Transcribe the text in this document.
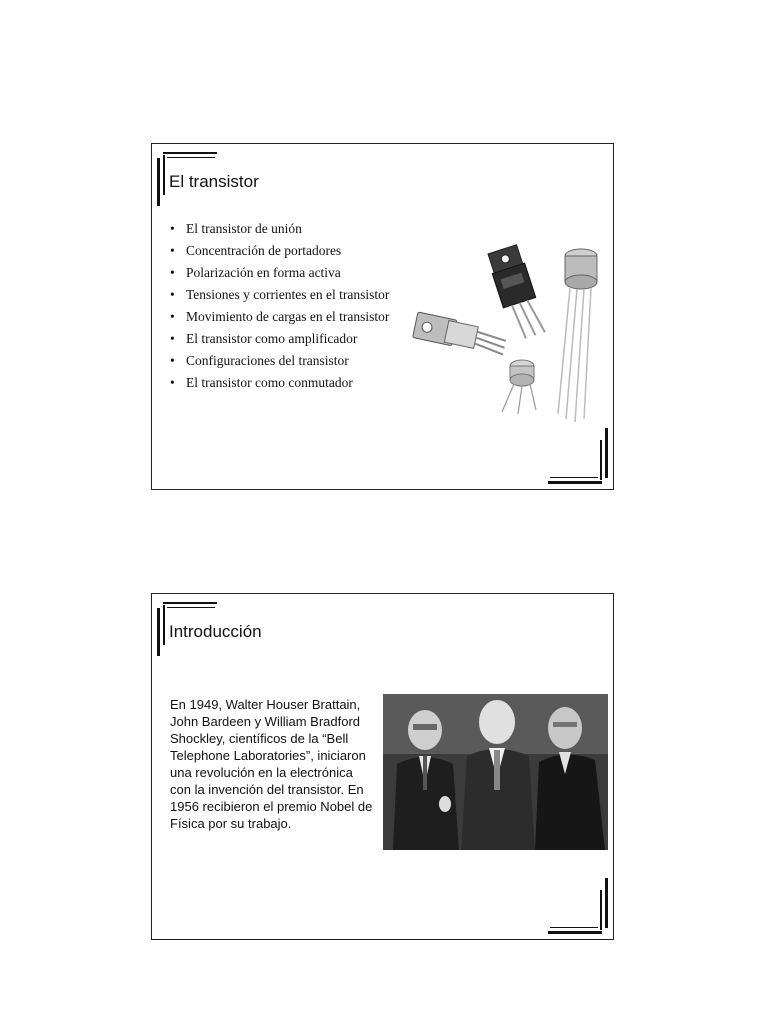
El transistor
• El transistor de unión
• Concentración de portadores
• Polarización en forma activa
• Tensiones y corrientes en el transistor
• Movimiento de cargas en el transistor
• El transistor como amplificador
• Configuraciones del transistor
• El transistor como conmutador
Introducción

En 1949, Walter Houser Brattain, John Bardeen y William Bradford Shockley, científicos de la “Bell Telephone Laboratories”, iniciaron una revolución en la electrónica con la invención del transistor. En 1956 recibieron el premio Nobel de Física por su trabajo.
